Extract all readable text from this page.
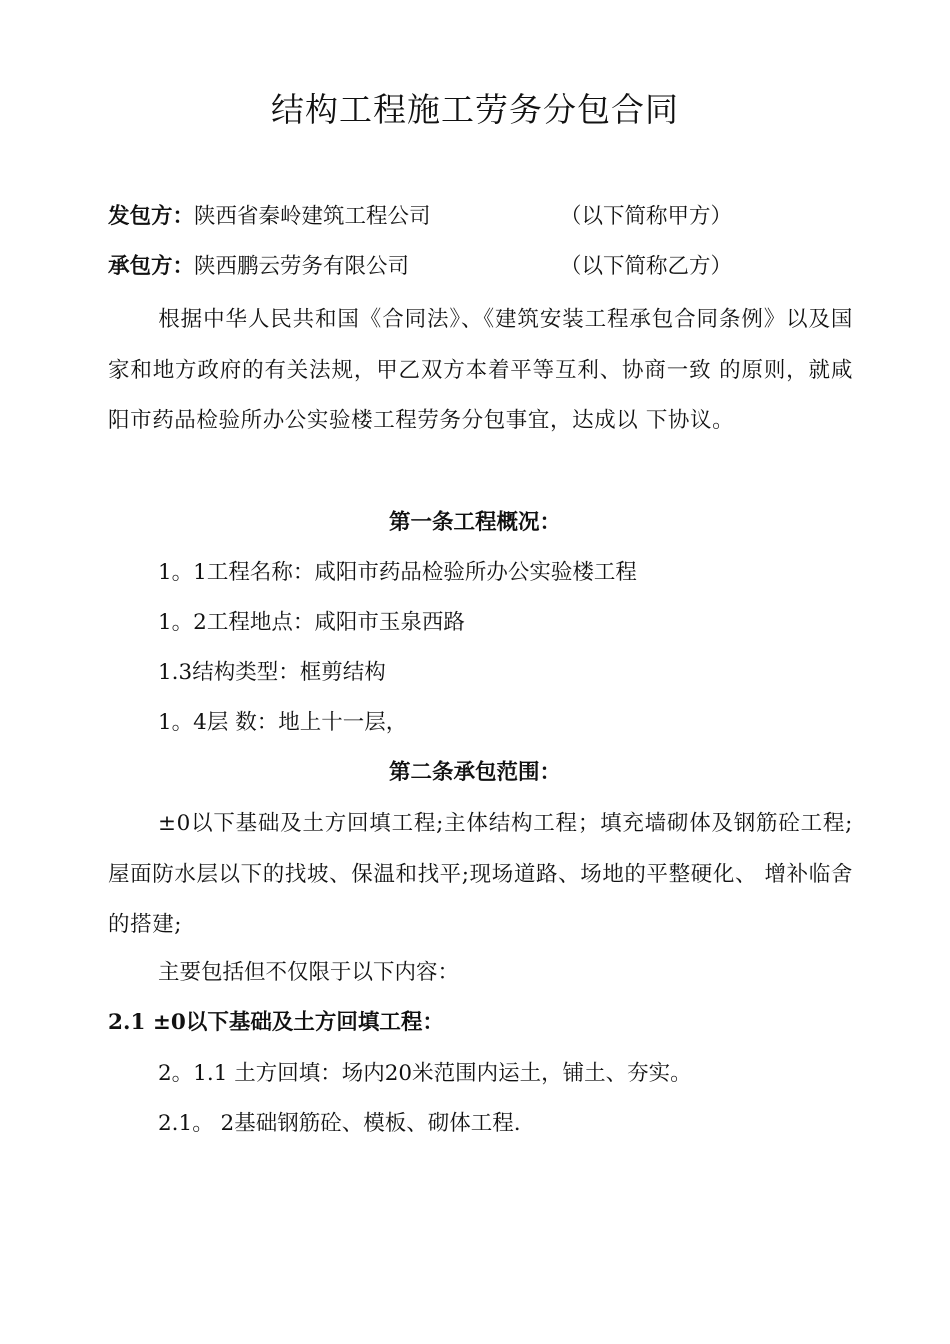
结构工程施工劳务分包合同
发包方：陕西省秦岭建筑工程公司	（以下简称甲方）
承包方：陕西鹏云劳务有限公司	（以下简称乙方）
根据中华人民共和国《合同法》、《建筑安装工程承包合同条例》以及国家和地方政府的有关法规，甲乙双方本着平等互利、协商一致 的原则，就咸阳市药品检验所办公实验楼工程劳务分包事宜，达成以 下协议。
第一条工程概况：
1。1工程名称：咸阳市药品检验所办公实验楼工程
1。2工程地点：咸阳市玉泉西路
1.3结构类型：框剪结构
1。4层 数：地上十一层，
第二条承包范围：
±0以下基础及土方回填工程;主体结构工程；填充墙砌体及钢筋砼工程;屋面防水层以下的找坡、保温和找平;现场道路、场地的平整硬化、 增补临舍的搭建;
主要包括但不仅限于以下内容：
2.1 ±0以下基础及土方回填工程：
2。1.1 土方回填：场内20米范围内运土，铺土、夯实。
2.1。 2基础钢筋砼、模板、砌体工程.
